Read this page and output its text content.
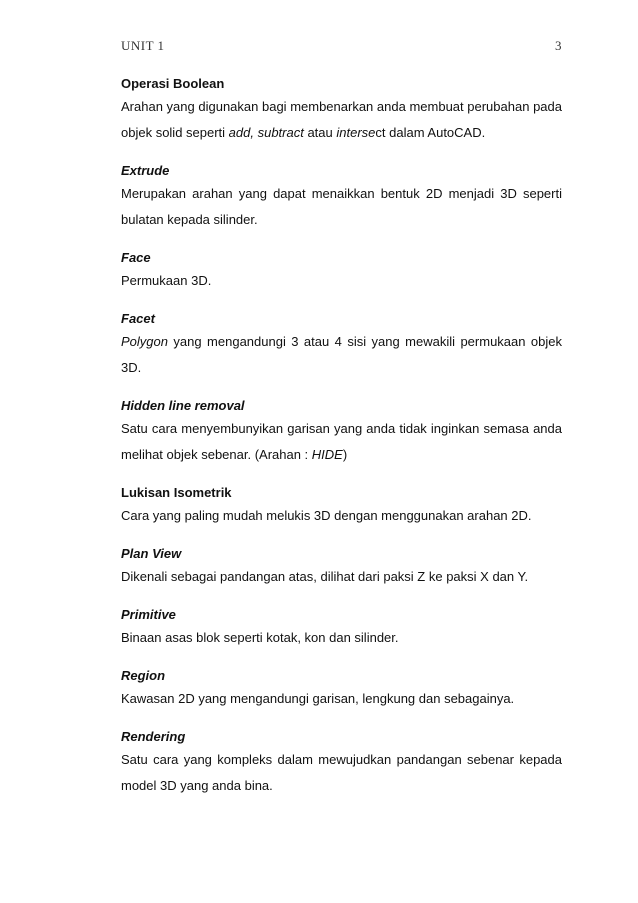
UNIT 1	3

Operasi Boolean

Arahan yang digunakan bagi membenarkan anda membuat perubahan pada objek solid seperti add, subtract atau intersect dalam AutoCAD.

Extrude

Merupakan arahan yang dapat menaikkan bentuk 2D menjadi 3D seperti bulatan kepada silinder.

Face

Permukaan 3D.

Facet

Polygon yang mengandungi 3 atau 4 sisi yang mewakili permukaan objek 3D.

Hidden line removal

Satu cara menyembunyikan garisan yang anda tidak inginkan semasa anda melihat objek sebenar. (Arahan : HIDE)

Lukisan Isometrik

Cara yang paling mudah melukis 3D dengan menggunakan arahan 2D.

Plan View

Dikenali sebagai pandangan atas, dilihat dari paksi Z ke paksi X dan Y.

Primitive

Binaan asas blok seperti kotak, kon dan silinder.

Region

Kawasan 2D yang mengandungi garisan, lengkung dan sebagainya.

Rendering

Satu cara yang kompleks dalam mewujudkan pandangan sebenar kepada model 3D yang anda bina.
